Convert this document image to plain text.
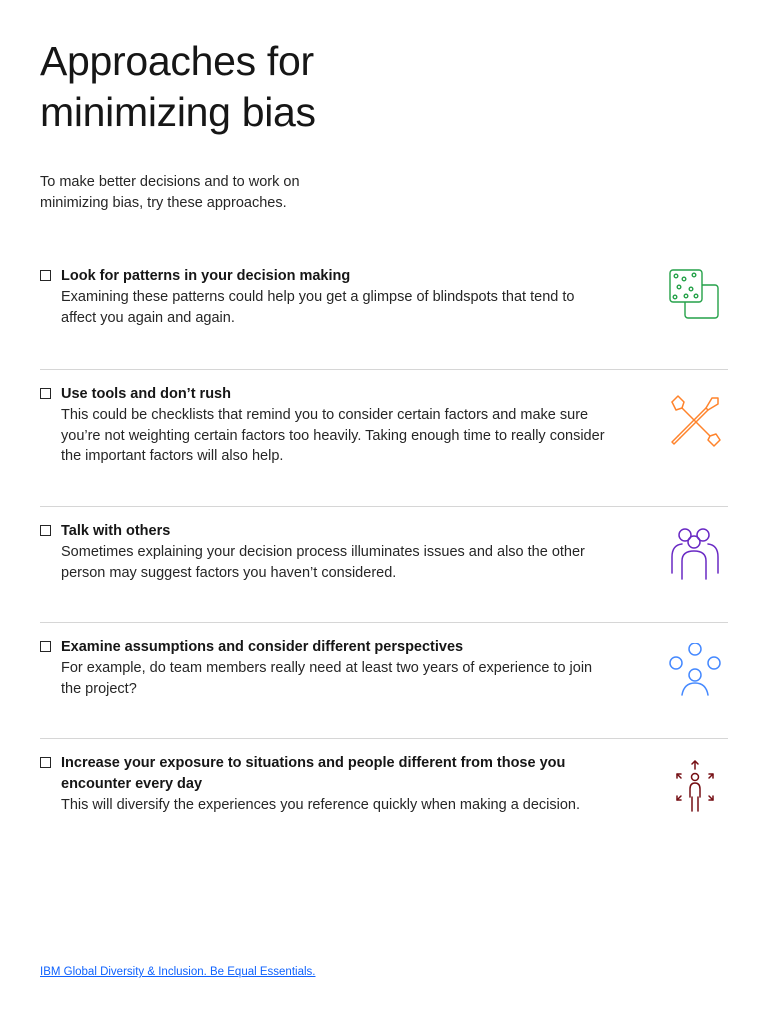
Approaches for minimizing bias

To make better decisions and to work on minimizing bias, try these approaches.

Look for patterns in your decision making
Examining these patterns could help you get a glimpse of blindspots that tend to affect you again and again.
Use tools and don’t rush
This could be checklists that remind you to consider certain factors and make sure you’re not weighting certain factors too heavily. Taking enough time to really consider the important factors will also help.
Talk with others
Sometimes explaining your decision process illuminates issues and also the other person may suggest factors you haven’t considered.
Examine assumptions and consider different perspectives
For example, do team members really need at least two years of experience to join the project?
Increase your exposure to situations and people different from those you encounter every day
This will diversify the experiences you reference quickly when making a decision.
IBM Global Diversity & Inclusion. Be Equal Essentials.
